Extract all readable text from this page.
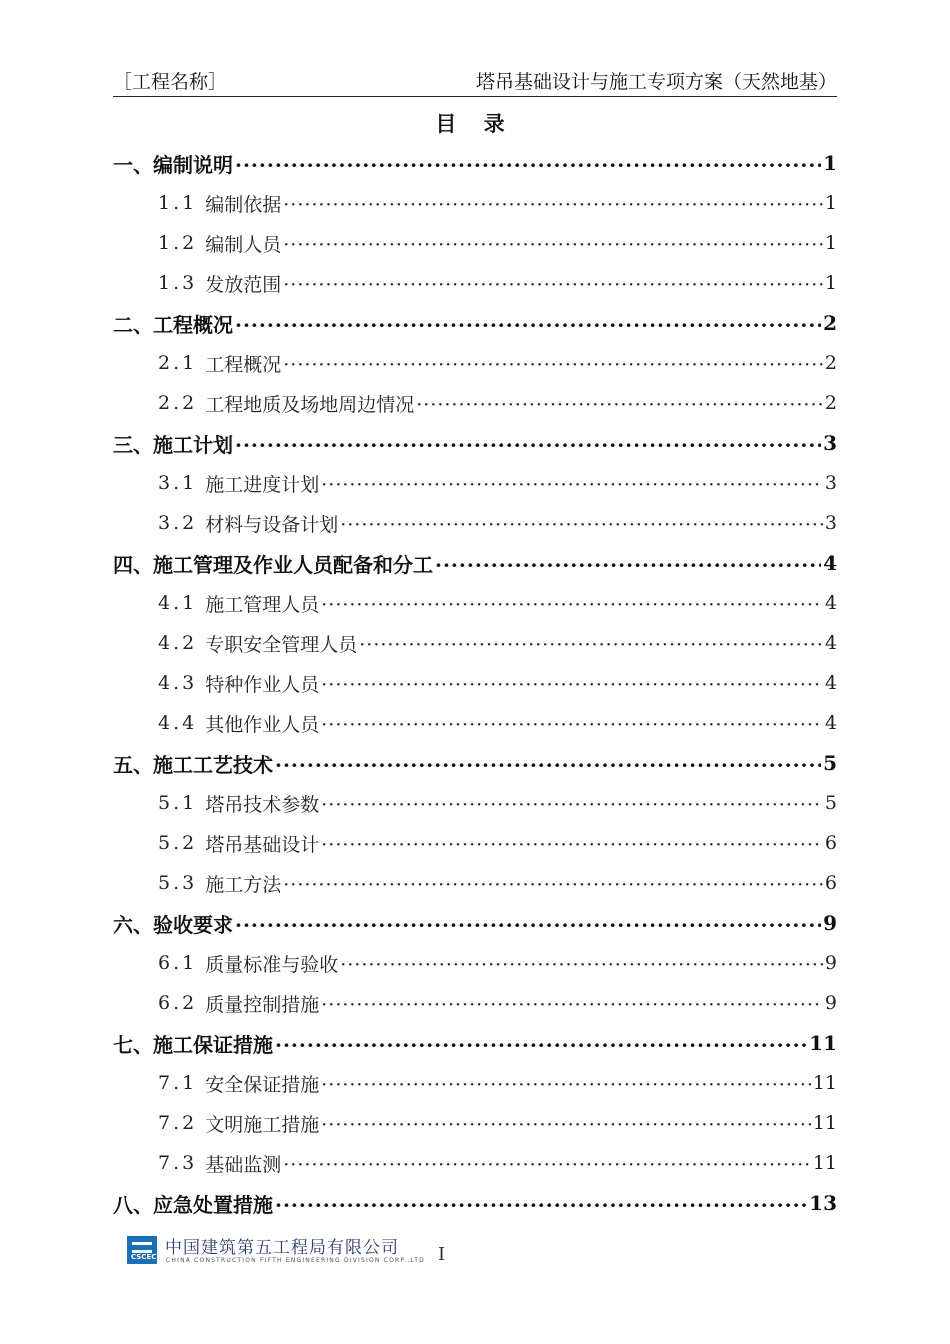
［工程名称］	塔吊基础设计与施工专项方案（天然地基）
目 录
一、编制说明 ·····	1
1.1 编制依据 ·····	1
1.2 编制人员 ·····	1
1.3 发放范围 ·····	1
二、工程概况 ·····	2
2.1 工程概况 ·····	2
2.2 工程地质及场地周边情况 ·····	2
三、施工计划 ·····	3
3.1 施工进度计划 ·····	3
3.2 材料与设备计划 ·····	3
四、施工管理及作业人员配备和分工 ·····	4
4.1 施工管理人员 ·····	4
4.2 专职安全管理人员 ·····	4
4.3 特种作业人员 ·····	4
4.4 其他作业人员 ·····	4
五、施工工艺技术 ·····	5
5.1 塔吊技术参数 ·····	5
5.2 塔吊基础设计 ·····	6
5.3 施工方法 ·····	6
六、验收要求 ·····	9
6.1 质量标准与验收 ·····	9
6.2 质量控制措施 ·····	9
七、施工保证措施 ·····	11
7.1 安全保证措施 ·····	11
7.2 文明施工措施 ·····	11
7.3 基础监测 ·····	11
八、应急处置措施 ·····	13
CSCEC 中国建筑第五工程局有限公司
CHINA CONSTRUCTION FIFTH ENGINEERING DIVISION CORP.,LTD I
